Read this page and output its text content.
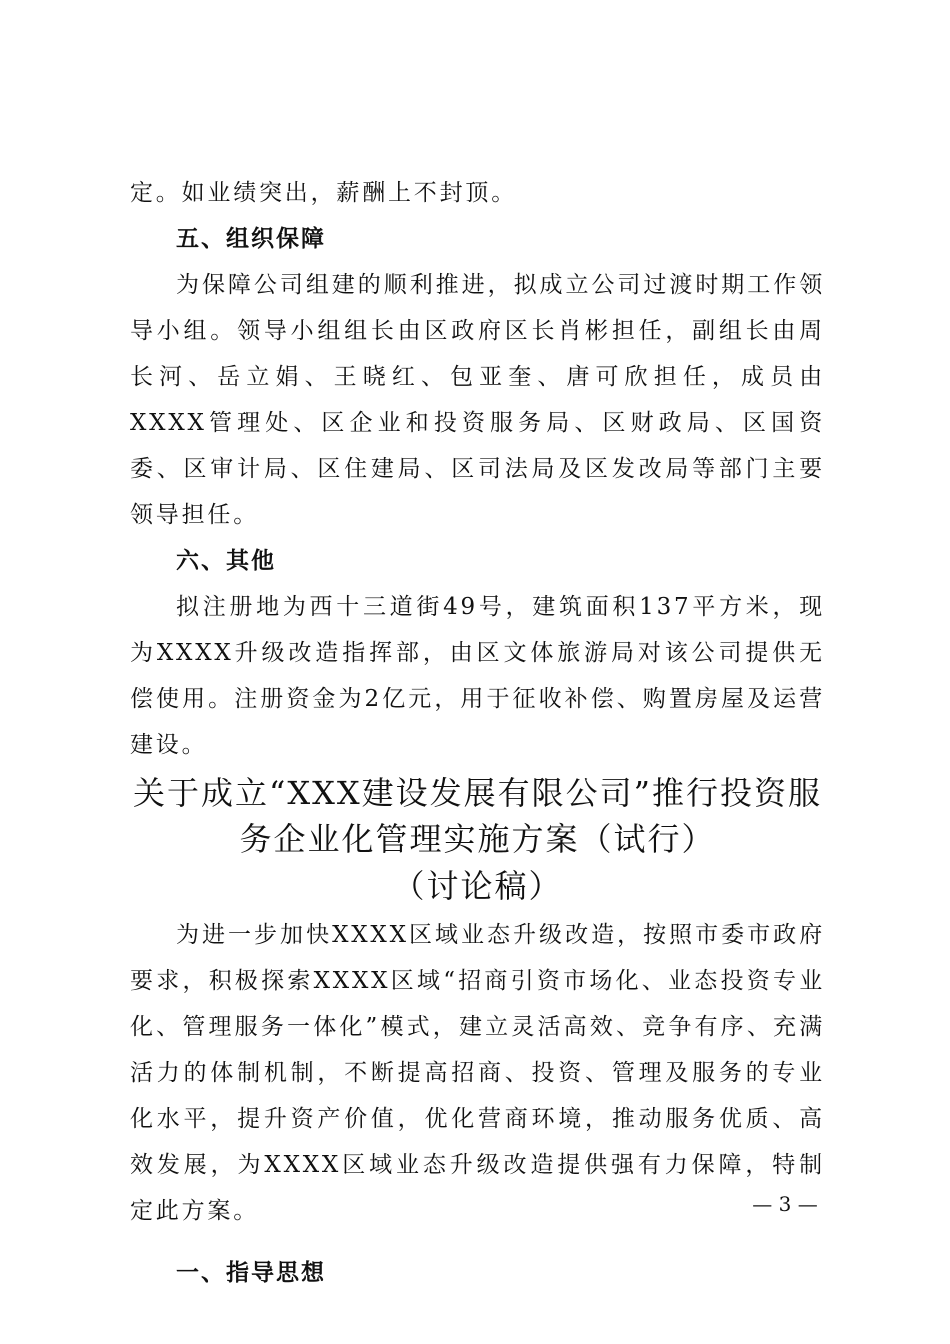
定。如业绩突出，薪酬上不封顶。

五、组织保障

为保障公司组建的顺利推进，拟成立公司过渡时期工作领导小组。领导小组组长由区政府区长肖彬担任，副组长由周长河、岳立娟、王晓红、包亚奎、唐可欣担任，成员由XXXX管理处、区企业和投资服务局、区财政局、区国资委、区审计局、区住建局、区司法局及区发改局等部门主要领导担任。

六、其他

拟注册地为西十三道街49号，建筑面积137平方米，现为XXXX升级改造指挥部，由区文体旅游局对该公司提供无偿使用。注册资金为2亿元，用于征收补偿、购置房屋及运营建设。

关于成立“XXX建设发展有限公司”推行投资服务企业化管理实施方案（试行）
（讨论稿）

为进一步加快XXXX区域业态升级改造，按照市委市政府要求，积极探索XXXX区域“招商引资市场化、业态投资专业化、管理服务一体化”模式，建立灵活高效、竞争有序、充满活力的体制机制，不断提高招商、投资、管理及服务的专业化水平，提升资产价值，优化营商环境，推动服务优质、高效发展，为XXXX区域业态升级改造提供强有力保障，特制定此方案。

一、指导思想

— 3 —
